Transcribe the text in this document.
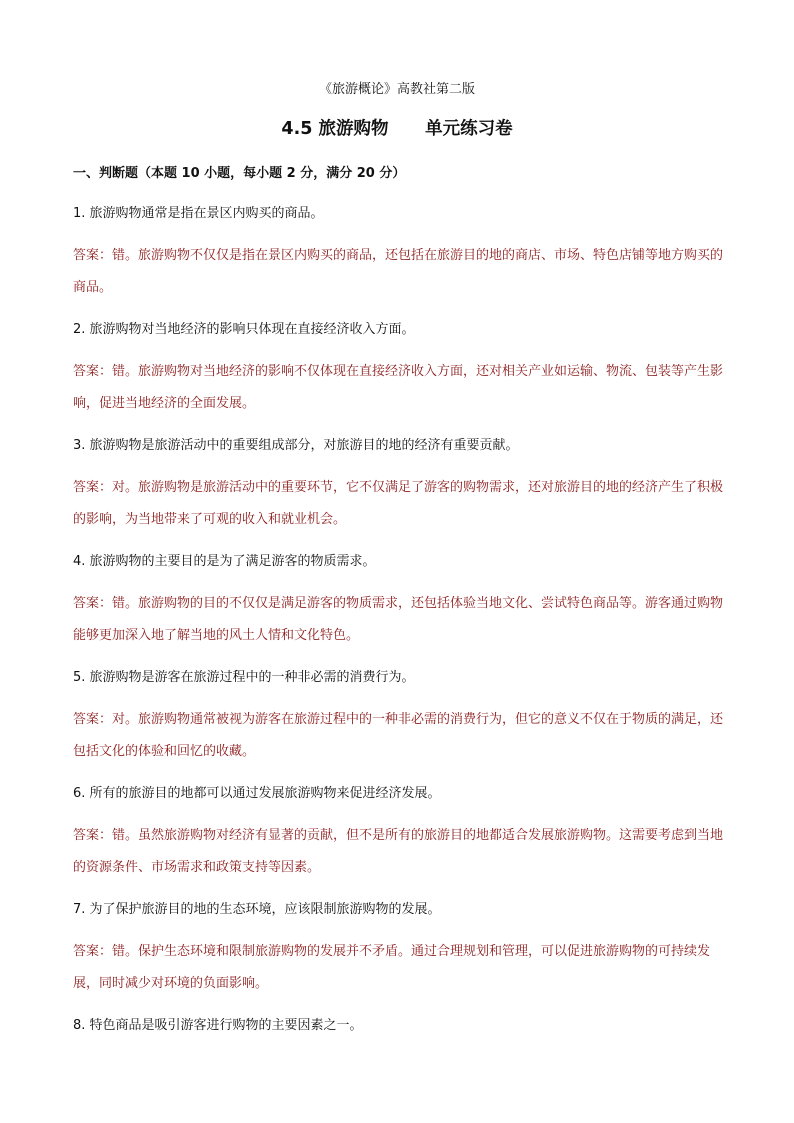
《旅游概论》高教社第二版
4.5 旅游购物      单元练习卷
一、判断题（本题 10 小题，每小题 2 分，满分 20 分）
1. 旅游购物通常是指在景区内购买的商品。
答案：错。旅游购物不仅仅是指在景区内购买的商品，还包括在旅游目的地的商店、市场、特色店铺等地方购买的商品。
2. 旅游购物对当地经济的影响只体现在直接经济收入方面。
答案：错。旅游购物对当地经济的影响不仅体现在直接经济收入方面，还对相关产业如运输、物流、包装等产生影响，促进当地经济的全面发展。
3. 旅游购物是旅游活动中的重要组成部分，对旅游目的地的经济有重要贡献。
答案：对。旅游购物是旅游活动中的重要环节，它不仅满足了游客的购物需求，还对旅游目的地的经济产生了积极的影响，为当地带来了可观的收入和就业机会。
4. 旅游购物的主要目的是为了满足游客的物质需求。
答案：错。旅游购物的目的不仅仅是满足游客的物质需求，还包括体验当地文化、尝试特色商品等。游客通过购物能够更加深入地了解当地的风土人情和文化特色。
5. 旅游购物是游客在旅游过程中的一种非必需的消费行为。
答案：对。旅游购物通常被视为游客在旅游过程中的一种非必需的消费行为，但它的意义不仅在于物质的满足，还包括文化的体验和回忆的收藏。
6. 所有的旅游目的地都可以通过发展旅游购物来促进经济发展。
答案：错。虽然旅游购物对经济有显著的贡献，但不是所有的旅游目的地都适合发展旅游购物。这需要考虑到当地的资源条件、市场需求和政策支持等因素。
7. 为了保护旅游目的地的生态环境，应该限制旅游购物的发展。
答案：错。保护生态环境和限制旅游购物的发展并不矛盾。通过合理规划和管理，可以促进旅游购物的可持续发展，同时减少对环境的负面影响。
8. 特色商品是吸引游客进行购物的主要因素之一。
